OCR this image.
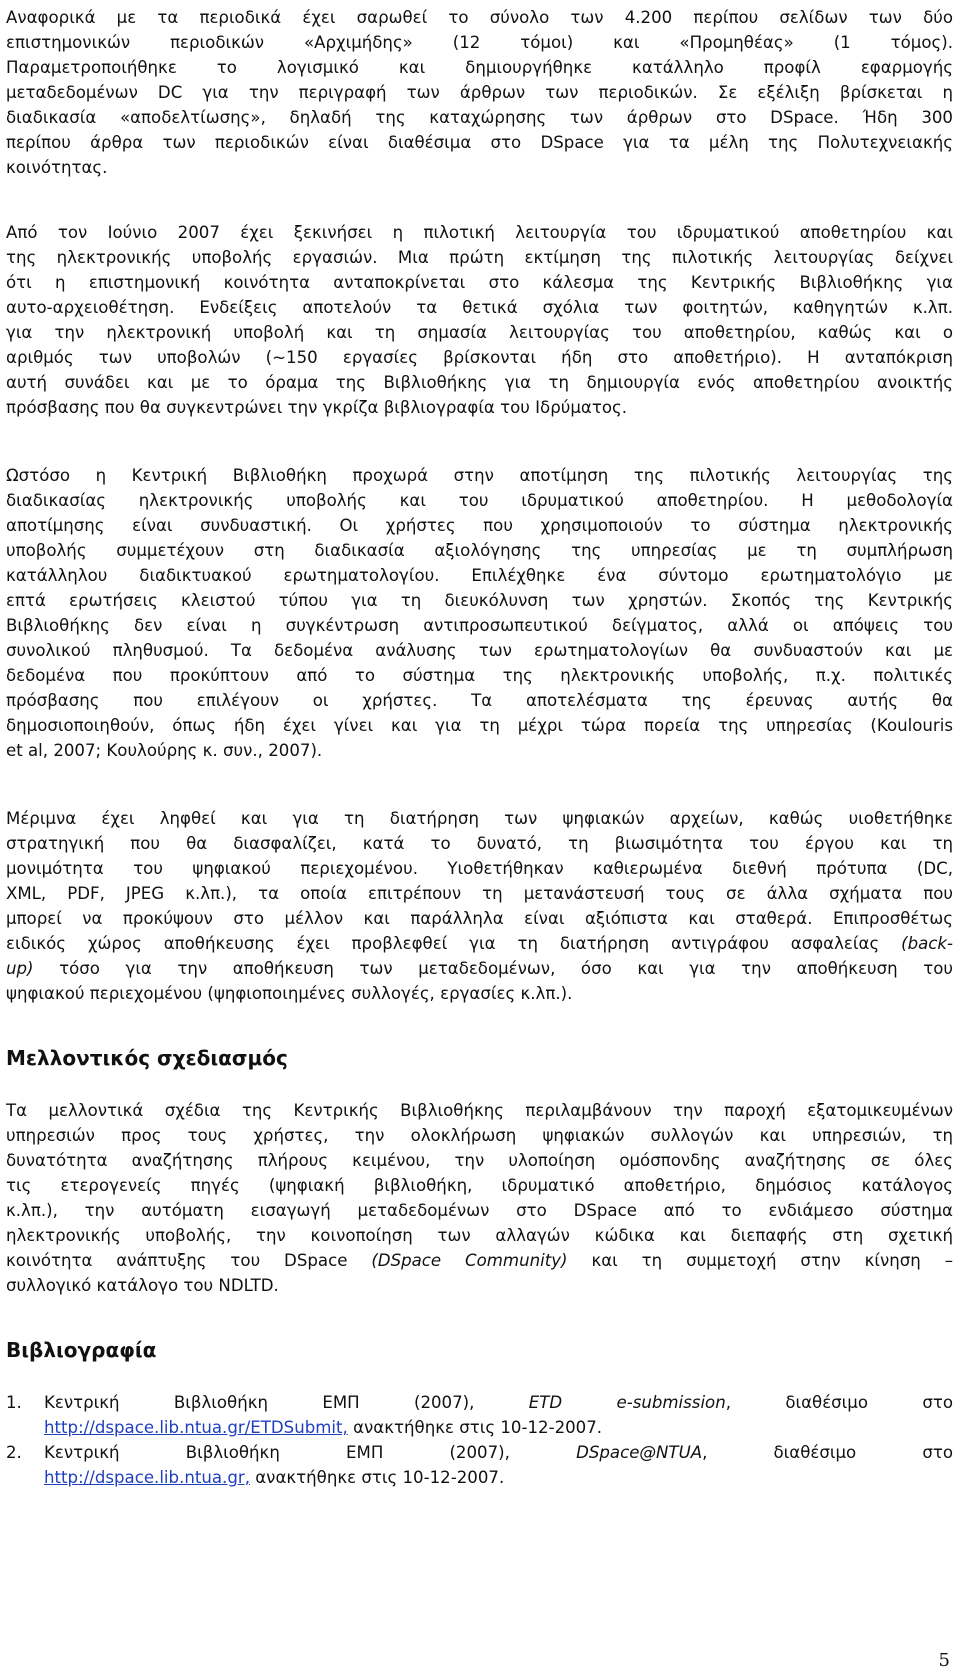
Αναφορικά με τα περιοδικά έχει σαρωθεί το σύνολο των 4.200 περίπου σελίδων των δύο
επιστημονικών περιοδικών «Αρχιμήδης» (12 τόμοι) και «Προμηθέας» (1 τόμος).
Παραμετροποιήθηκε το λογισμικό και δημιουργήθηκε κατάλληλο προφίλ εφαρμογής
μεταδεδομένων DC για την περιγραφή των άρθρων των περιοδικών. Σε εξέλιξη βρίσκεται η
διαδικασία «αποδελτίωσης», δηλαδή της καταχώρησης των άρθρων στο DSpace. Ήδη 300
περίπου άρθρα των περιοδικών είναι διαθέσιμα στο DSpace για τα μέλη της Πολυτεχνειακής
κοινότητας.
Από τον Ιούνιο 2007 έχει ξεκινήσει η πιλοτική λειτουργία του ιδρυματικού αποθετηρίου και
της ηλεκτρονικής υποβολής εργασιών. Μια πρώτη εκτίμηση της πιλοτικής λειτουργίας δείχνει
ότι η επιστημονική κοινότητα ανταποκρίνεται στο κάλεσμα της Κεντρικής Βιβλιοθήκης για
αυτο-αρχειοθέτηση. Ενδείξεις αποτελούν τα θετικά σχόλια των φοιτητών, καθηγητών κ.λπ.
για την ηλεκτρονική υποβολή και τη σημασία λειτουργίας του αποθετηρίου, καθώς και ο
αριθμός των υποβολών (~150 εργασίες βρίσκονται ήδη στο αποθετήριο). Η ανταπόκριση
αυτή συνάδει και με το όραμα της Βιβλιοθήκης για τη δημιουργία ενός αποθετηρίου ανοικτής
πρόσβασης που θα συγκεντρώνει την γκρίζα βιβλιογραφία του Ιδρύματος.
Ωστόσο η Κεντρική Βιβλιοθήκη προχωρά στην αποτίμηση της πιλοτικής λειτουργίας της
διαδικασίας ηλεκτρονικής υποβολής και του ιδρυματικού αποθετηρίου. Η μεθοδολογία
αποτίμησης είναι συνδυαστική. Οι χρήστες που χρησιμοποιούν το σύστημα ηλεκτρονικής
υποβολής συμμετέχουν στη διαδικασία αξιολόγησης της υπηρεσίας με τη συμπλήρωση
κατάλληλου διαδικτυακού ερωτηματολογίου. Επιλέχθηκε ένα σύντομο ερωτηματολόγιο με
επτά ερωτήσεις κλειστού τύπου για τη διευκόλυνση των χρηστών. Σκοπός της Κεντρικής
Βιβλιοθήκης δεν είναι η συγκέντρωση αντιπροσωπευτικού δείγματος, αλλά οι απόψεις του
συνολικού πληθυσμού. Τα δεδομένα ανάλυσης των ερωτηματολογίων θα συνδυαστούν και με
δεδομένα που προκύπτουν από το σύστημα της ηλεκτρονικής υποβολής, π.χ. πολιτικές
πρόσβασης που επιλέγουν οι χρήστες. Τα αποτελέσματα της έρευνας αυτής θα
δημοσιοποιηθούν, όπως ήδη έχει γίνει και για τη μέχρι τώρα πορεία της υπηρεσίας (Koulouris
et al, 2007; Κουλούρης κ. συν., 2007).
Μέριμνα έχει ληφθεί και για τη διατήρηση των ψηφιακών αρχείων, καθώς υιοθετήθηκε
στρατηγική που θα διασφαλίζει, κατά το δυνατό, τη βιωσιμότητα του έργου και τη
μονιμότητα του ψηφιακού περιεχομένου. Υιοθετήθηκαν καθιερωμένα διεθνή πρότυπα (DC,
XML, PDF, JPEG κ.λπ.), τα οποία επιτρέπουν τη μετανάστευσή τους σε άλλα σχήματα που
μπορεί να προκύψουν στο μέλλον και παράλληλα είναι αξιόπιστα και σταθερά. Επιπροσθέτως
ειδικός χώρος αποθήκευσης έχει προβλεφθεί για τη διατήρηση αντιγράφου ασφαλείας (back-
up) τόσο για την αποθήκευση των μεταδεδομένων, όσο και για την αποθήκευση του
ψηφιακού περιεχομένου (ψηφιοποιημένες συλλογές, εργασίες κ.λπ.).
Μελλοντικός σχεδιασμός
Τα μελλοντικά σχέδια της Κεντρικής Βιβλιοθήκης περιλαμβάνουν την παροχή εξατομικευμένων
υπηρεσιών προς τους χρήστες, την ολοκλήρωση ψηφιακών συλλογών και υπηρεσιών, τη
δυνατότητα αναζήτησης πλήρους κειμένου, την υλοποίηση ομόσπονδης αναζήτησης σε όλες
τις ετερογενείς πηγές (ψηφιακή βιβλιοθήκη, ιδρυματικό αποθετήριο, δημόσιος κατάλογος
κ.λπ.), την αυτόματη εισαγωγή μεταδεδομένων στο DSpace από το ενδιάμεσο σύστημα
ηλεκτρονικής υποβολής, την κοινοποίηση των αλλαγών κώδικα και διεπαφής στη σχετική
κοινότητα ανάπτυξης του DSpace (DSpace Community) και τη συμμετοχή στην κίνηση –
συλλογικό κατάλογο του NDLTD.
Βιβλιογραφία
1. Κεντρική Βιβλιοθήκη ΕΜΠ (2007), ETD e-submission, διαθέσιμο στο
http://dspace.lib.ntua.gr/ETDSubmit, ανακτήθηκε στις 10-12-2007.
2. Κεντρική Βιβλιοθήκη ΕΜΠ (2007), DSpace@NTUA, διαθέσιμο στο
http://dspace.lib.ntua.gr, ανακτήθηκε στις 10-12-2007.
5
